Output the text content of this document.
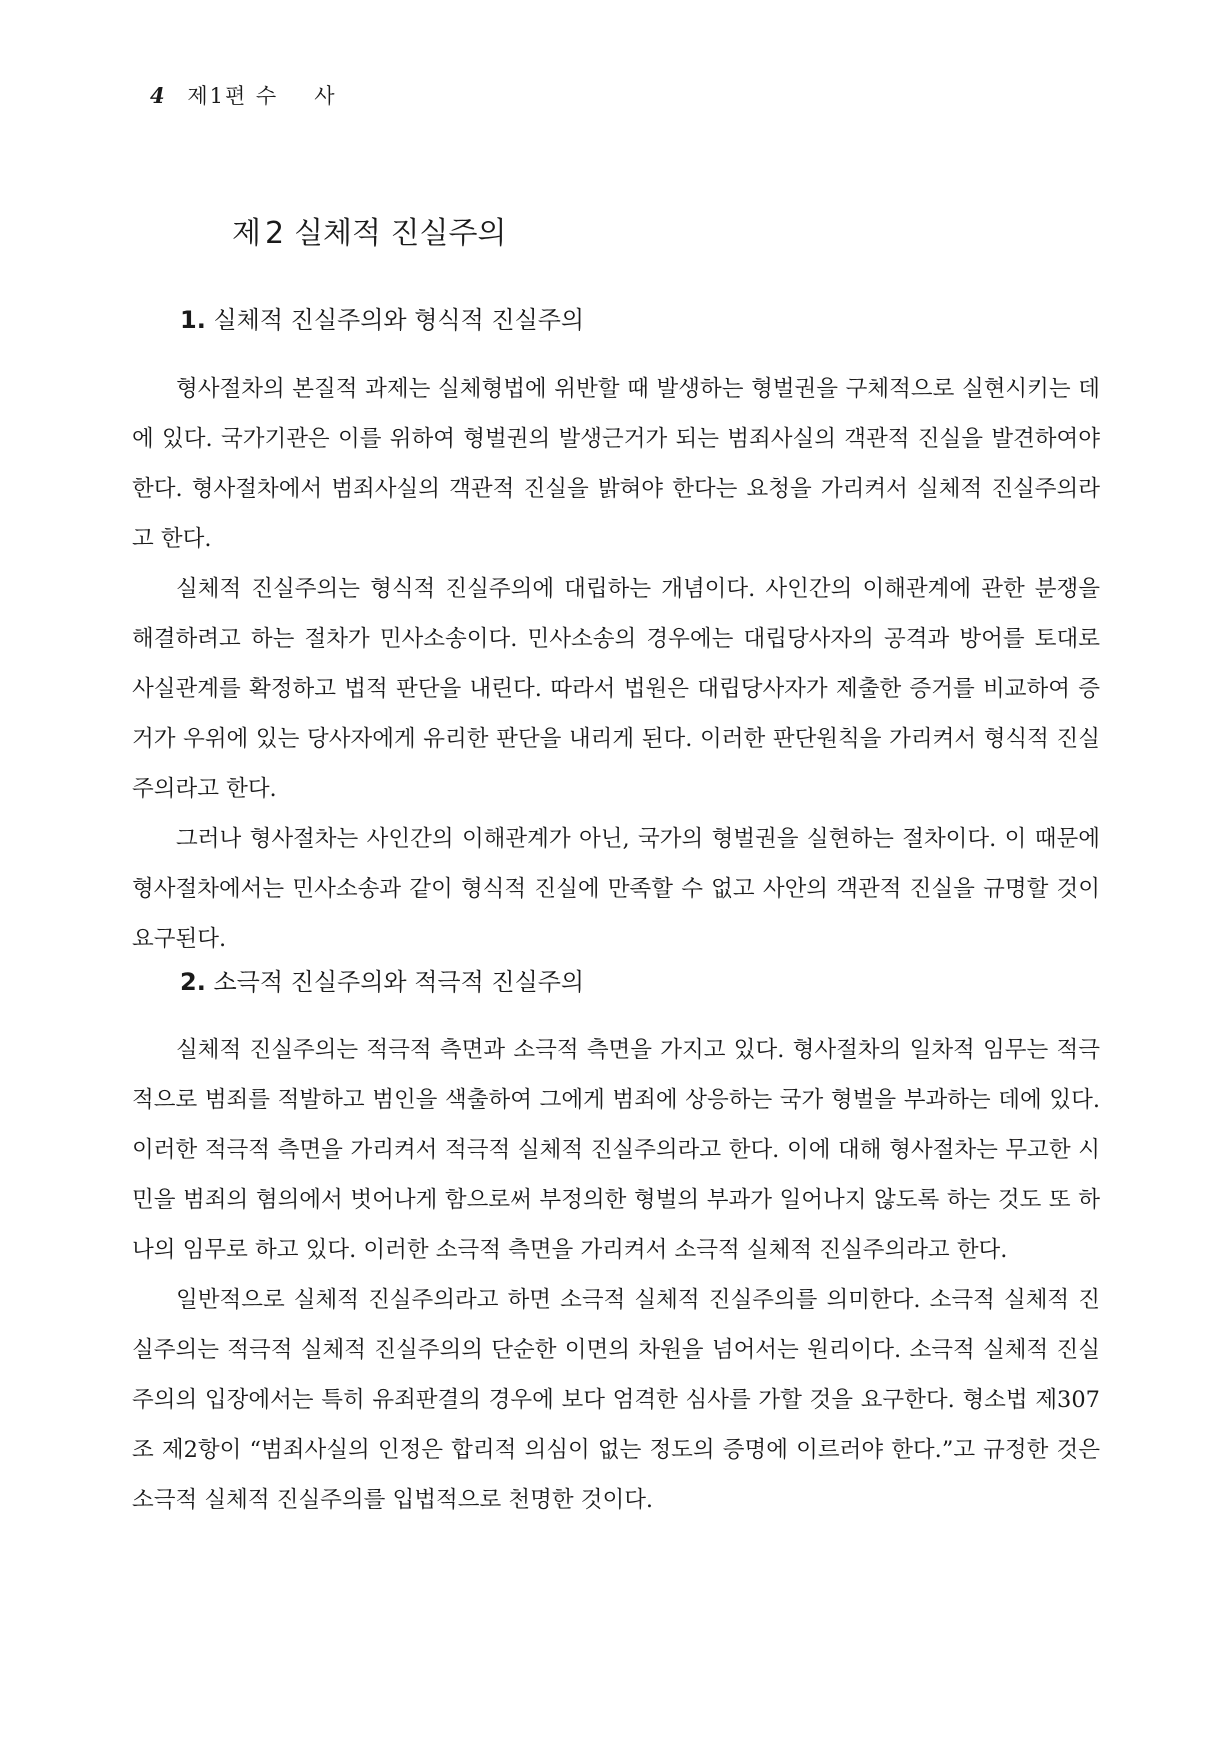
4 제1편 수 사
제 2 실체적 진실주의
1. 실체적 진실주의와 형식적 진실주의

형사절차의 본질적 과제는 실체형법에 위반할 때 발생하는 형벌권을 구체적으로 실현시키는 데에 있다. 국가기관은 이를 위하여 형벌권의 발생근거가 되는 범죄사실의 객관적 진실을 발견하여야 한다. 형사절차에서 범죄사실의 객관적 진실을 밝혀야 한다는 요청을 가리켜서 실체적 진실주의라고 한다.

실체적 진실주의는 형식적 진실주의에 대립하는 개념이다. 사인간의 이해관계에 관한 분쟁을 해결하려고 하는 절차가 민사소송이다. 민사소송의 경우에는 대립당사자의 공격과 방어를 토대로 사실관계를 확정하고 법적 판단을 내린다. 따라서 법원은 대립당사자가 제출한 증거를 비교하여 증거가 우위에 있는 당사자에게 유리한 판단을 내리게 된다. 이러한 판단원칙을 가리켜서 형식적 진실주의라고 한다.

그러나 형사절차는 사인간의 이해관계가 아닌, 국가의 형벌권을 실현하는 절차이다. 이 때문에 형사절차에서는 민사소송과 같이 형식적 진실에 만족할 수 없고 사안의 객관적 진실을 규명할 것이 요구된다.

2. 소극적 진실주의와 적극적 진실주의

실체적 진실주의는 적극적 측면과 소극적 측면을 가지고 있다. 형사절차의 일차적 임무는 적극적으로 범죄를 적발하고 범인을 색출하여 그에게 범죄에 상응하는 국가 형벌을 부과하는 데에 있다. 이러한 적극적 측면을 가리켜서 적극적 실체적 진실주의라고 한다. 이에 대해 형사절차는 무고한 시민을 범죄의 혐의에서 벗어나게 함으로써 부정의한 형벌의 부과가 일어나지 않도록 하는 것도 또 하나의 임무로 하고 있다. 이러한 소극적 측면을 가리켜서 소극적 실체적 진실주의라고 한다.

일반적으로 실체적 진실주의라고 하면 소극적 실체적 진실주의를 의미한다. 소극적 실체적 진실주의는 적극적 실체적 진실주의의 단순한 이면의 차원을 넘어서는 원리이다. 소극적 실체적 진실주의의 입장에서는 특히 유죄판결의 경우에 보다 엄격한 심사를 가할 것을 요구한다. 형소법 제307조 제2항이 “범죄사실의 인정은 합리적 의심이 없는 정도의 증명에 이르러야 한다.”고 규정한 것은 소극적 실체적 진실주의를 입법적으로 천명한 것이다.
